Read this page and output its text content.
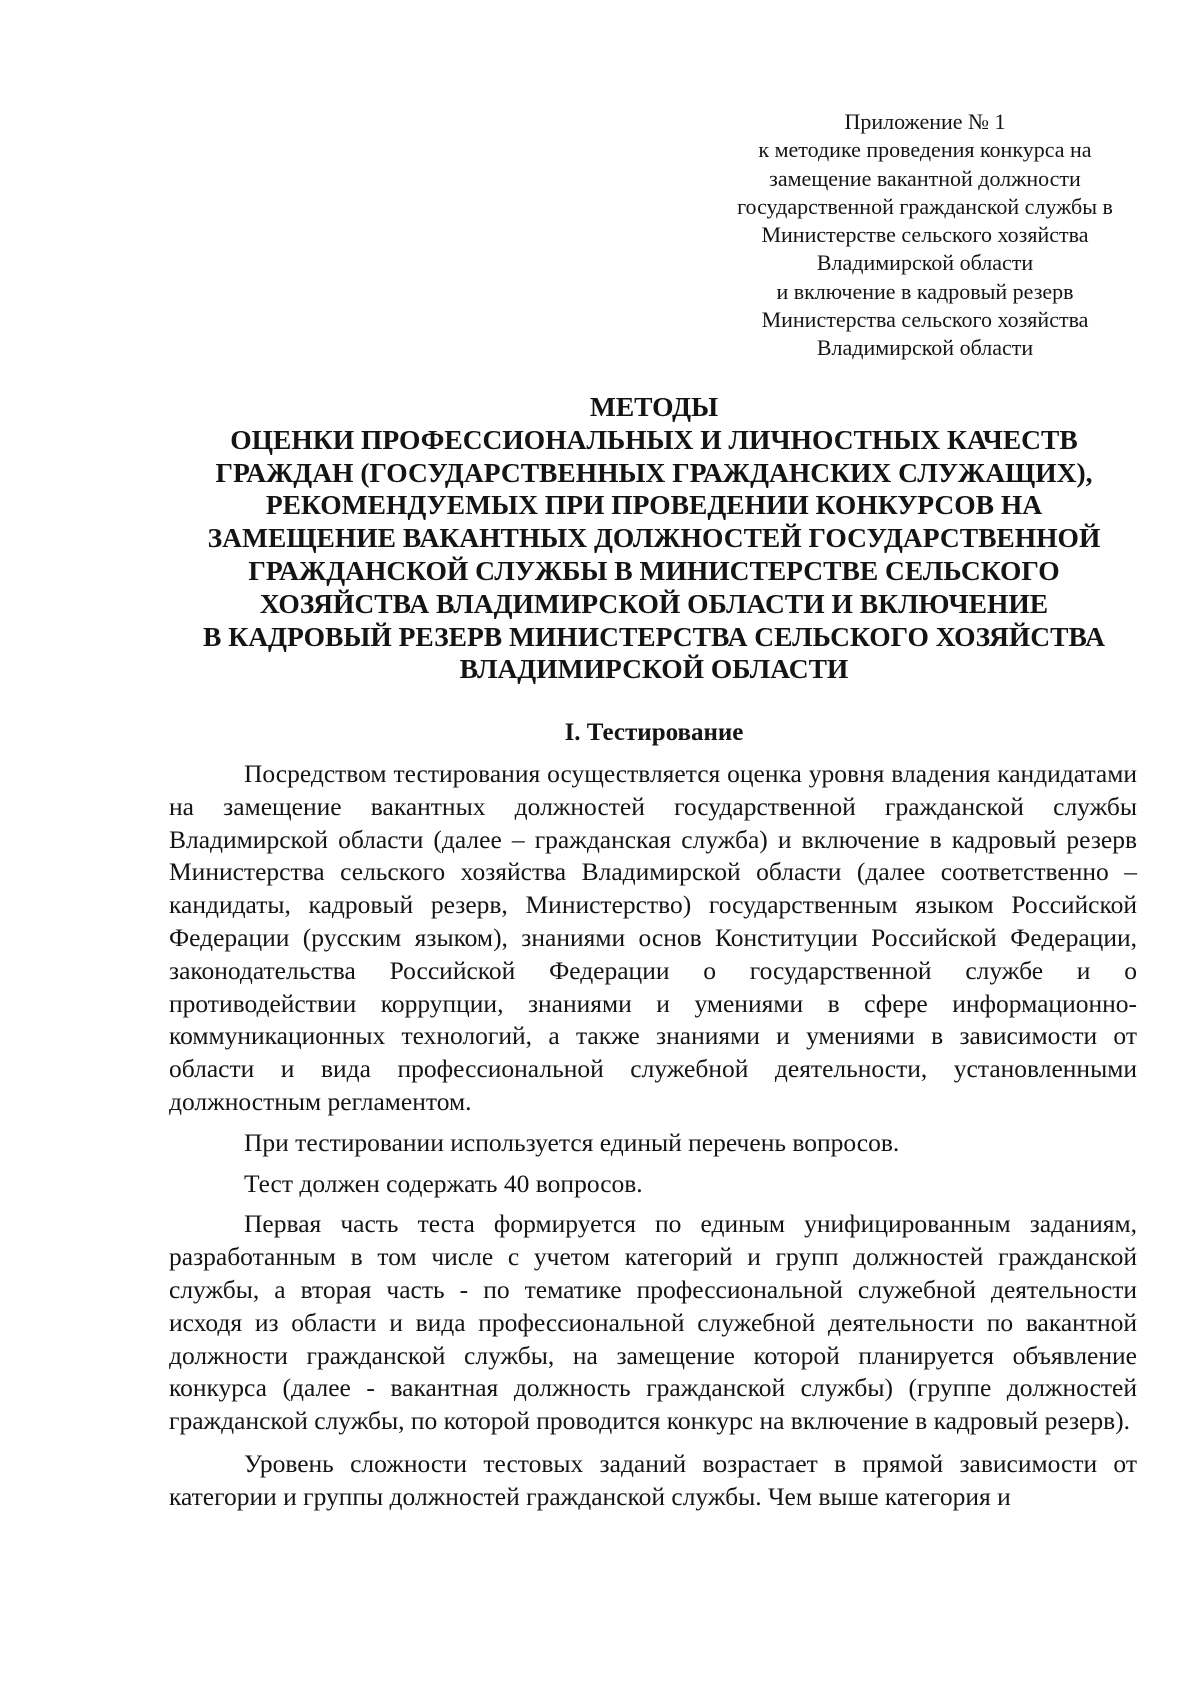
Приложение № 1
к методике проведения конкурса на
замещение вакантной должности
государственной гражданской службы в
Министерстве сельского хозяйства
Владимирской области
и включение в кадровый резерв
Министерства сельского хозяйства
Владимирской области
МЕТОДЫ
ОЦЕНКИ ПРОФЕССИОНАЛЬНЫХ И ЛИЧНОСТНЫХ КАЧЕСТВ
ГРАЖДАН (ГОСУДАРСТВЕННЫХ ГРАЖДАНСКИХ СЛУЖАЩИХ),
РЕКОМЕНДУЕМЫХ ПРИ ПРОВЕДЕНИИ КОНКУРСОВ НА
ЗАМЕЩЕНИЕ ВАКАНТНЫХ ДОЛЖНОСТЕЙ ГОСУДАРСТВЕННОЙ
ГРАЖДАНСКОЙ СЛУЖБЫ В МИНИСТЕРСТВЕ СЕЛЬСКОГО
ХОЗЯЙСТВА ВЛАДИМИРСКОЙ ОБЛАСТИ И ВКЛЮЧЕНИЕ
В КАДРОВЫЙ РЕЗЕРВ МИНИСТЕРСТВА СЕЛЬСКОГО ХОЗЯЙСТВА
ВЛАДИМИРСКОЙ ОБЛАСТИ
I. Тестирование

Посредством тестирования осуществляется оценка уровня владения кандидатами на замещение вакантных должностей государственной гражданской службы Владимирской области (далее – гражданская служба) и включение в кадровый резерв Министерства сельского хозяйства Владимирской области (далее соответственно – кандидаты, кадровый резерв, Министерство) государственным языком Российской Федерации (русским языком), знаниями основ Конституции Российской Федерации, законодательства Российской Федерации о государственной службе и о противодействии коррупции, знаниями и умениями в сфере информационно-коммуникационных технологий, а также знаниями и умениями в зависимости от области и вида профессиональной служебной деятельности, установленными должностным регламентом.

При тестировании используется единый перечень вопросов.

Тест должен содержать 40 вопросов.

Первая часть теста формируется по единым унифицированным заданиям, разработанным в том числе с учетом категорий и групп должностей гражданской службы, а вторая часть - по тематике профессиональной служебной деятельности исходя из области и вида профессиональной служебной деятельности по вакантной должности гражданской службы, на замещение которой планируется объявление конкурса (далее - вакантная должность гражданской службы) (группе должностей гражданской службы, по которой проводится конкурс на включение в кадровый резерв).

Уровень сложности тестовых заданий возрастает в прямой зависимости от категории и группы должностей гражданской службы. Чем выше категория и
